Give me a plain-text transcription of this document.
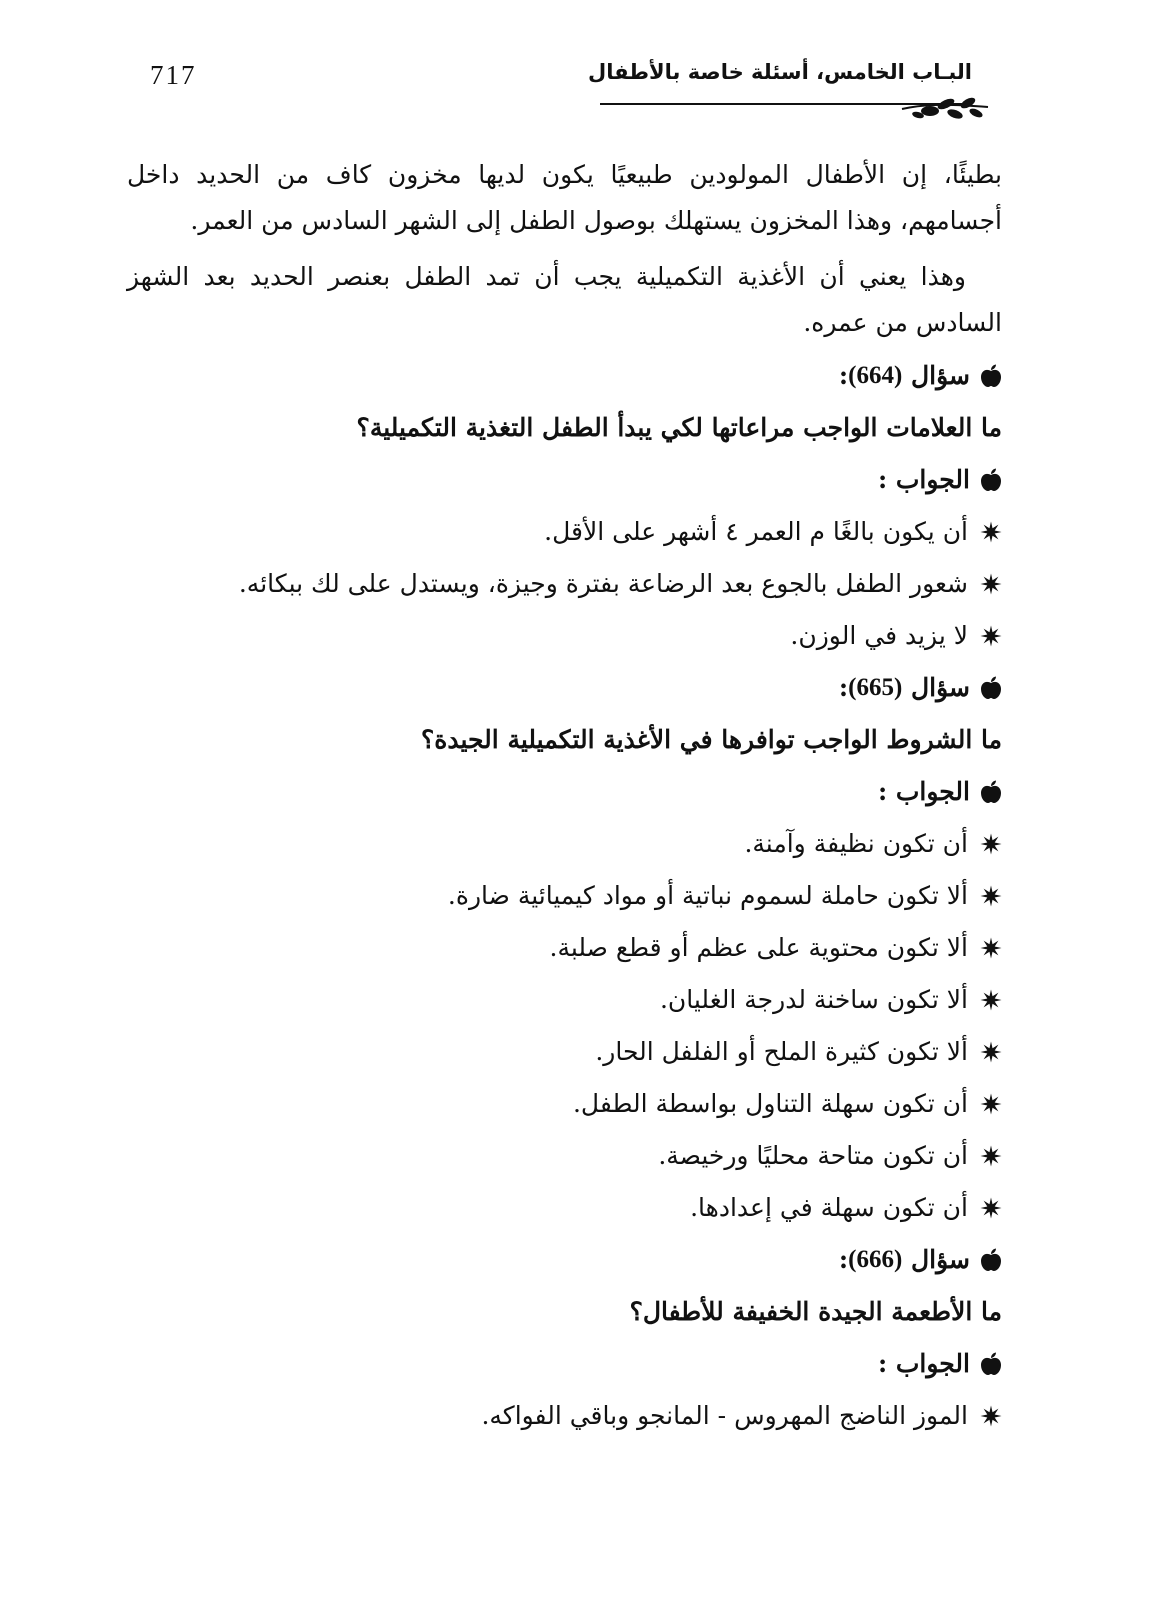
717	البـاب الخامس، أسئلة خاصة بالأطفال

بطيئًا، إن الأطفال المولودين طبيعيًا يكون لديها مخزون كاف من الحديد داخل أجسامهم، وهذا المخزون يستهلك بوصول الطفل إلى الشهر السادس من العمر.

وهذا يعني أن الأغذية التكميلية يجب أن تمد الطفل بعنصر الحديد بعد الشهز السادس من عمره.

سؤال

(664)
:
ما العلامات الواجب مراعاتها لكي يبدأ الطفل التغذية التكميلية؟
الجواب :
أن يكون بالغًا م العمر ٤ أشهر على الأقل.
شعور الطفل بالجوع بعد الرضاعة بفترة وجيزة، ويستدل على لك ببكائه.
لا يزيد في الوزن.
سؤال

(665)
:
ما الشروط الواجب توافرها في الأغذية التكميلية الجيدة؟
الجواب :
أن تكون نظيفة وآمنة.
ألا تكون حاملة لسموم نباتية أو مواد كيميائية ضارة.
ألا تكون محتوية على عظم أو قطع صلبة.
ألا تكون ساخنة لدرجة الغليان.
ألا تكون كثيرة الملح أو الفلفل الحار.
أن تكون سهلة التناول بواسطة الطفل.
أن تكون متاحة محليًا ورخيصة.
أن تكون سهلة في إعدادها.
سؤال

(666)
:
ما الأطعمة الجيدة الخفيفة للأطفال؟
الجواب :
الموز الناضج المهروس - المانجو وباقي الفواكه.
